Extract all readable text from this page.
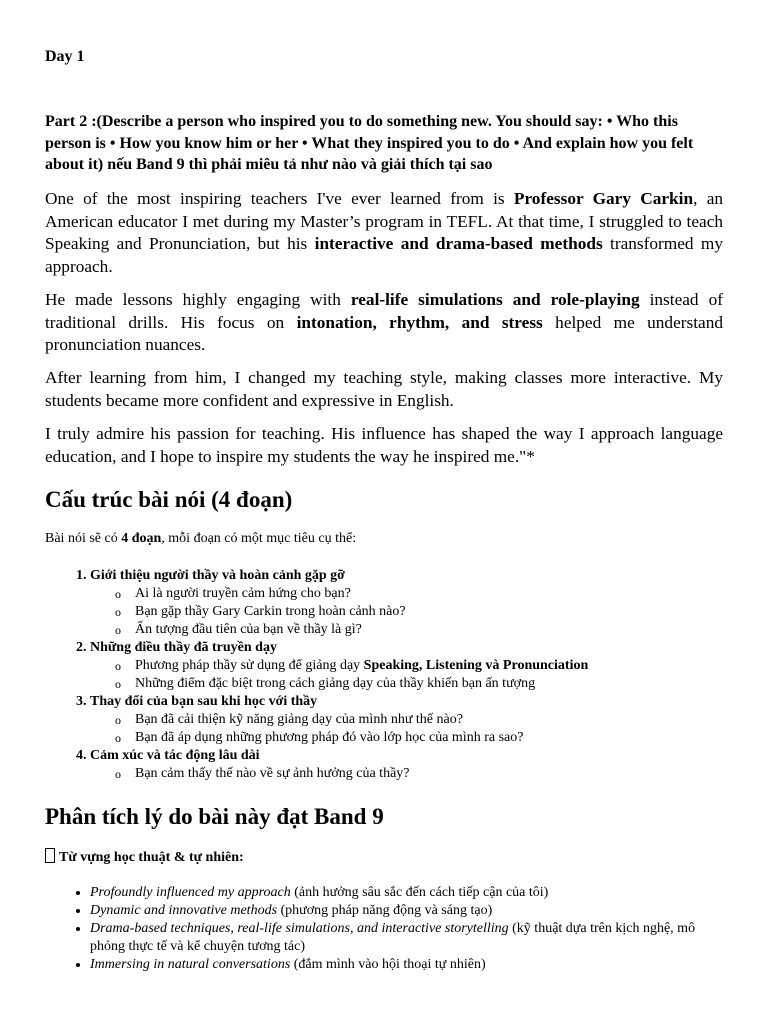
Day 1

Part 2 :(Describe a person who inspired you to do something new. You should say: • Who this person is • How you know him or her • What they inspired you to do • And explain how you felt about it) nếu Band 9 thì phải miêu tả như nào và giải thích tại sao

One of the most inspiring teachers I've ever learned from is Professor Gary Carkin, an American educator I met during my Master’s program in TEFL. At that time, I struggled to teach Speaking and Pronunciation, but his interactive and drama-based methods transformed my approach.

He made lessons highly engaging with real-life simulations and role-playing instead of traditional drills. His focus on intonation, rhythm, and stress helped me understand pronunciation nuances.

After learning from him, I changed my teaching style, making classes more interactive. My students became more confident and expressive in English.

I truly admire his passion for teaching. His influence has shaped the way I approach language education, and I hope to inspire my students the way he inspired me."*

Cấu trúc bài nói (4 đoạn)

Bài nói sẽ có 4 đoạn, mỗi đoạn có một mục tiêu cụ thể:

1. Giới thiệu người thầy và hoàn cảnh gặp gỡ
o Ai là người truyền cảm hứng cho bạn?
o Bạn gặp thầy Gary Carkin trong hoàn cảnh nào?
o Ấn tượng đầu tiên của bạn về thầy là gì?
2. Những điều thầy đã truyền dạy
o Phương pháp thầy sử dụng để giảng dạy Speaking, Listening và Pronunciation
o Những điểm đặc biệt trong cách giảng dạy của thầy khiến bạn ấn tượng
3. Thay đổi của bạn sau khi học với thầy
o Bạn đã cải thiện kỹ năng giảng dạy của mình như thế nào?
o Bạn đã áp dụng những phương pháp đó vào lớp học của mình ra sao?
4. Cảm xúc và tác động lâu dài
o Bạn cảm thấy thế nào về sự ảnh hưởng của thầy?
Phân tích lý do bài này đạt Band 9

Từ vựng học thuật & tự nhiên:

• Profoundly influenced my approach (ảnh hưởng sâu sắc đến cách tiếp cận của tôi)
• Dynamic and innovative methods (phương pháp năng động và sáng tạo)
• Drama-based techniques, real-life simulations, and interactive storytelling (kỹ thuật dựa trên kịch nghệ, mô phỏng thực tế và kể chuyện tương tác)
• Immersing in natural conversations (đắm mình vào hội thoại tự nhiên)
